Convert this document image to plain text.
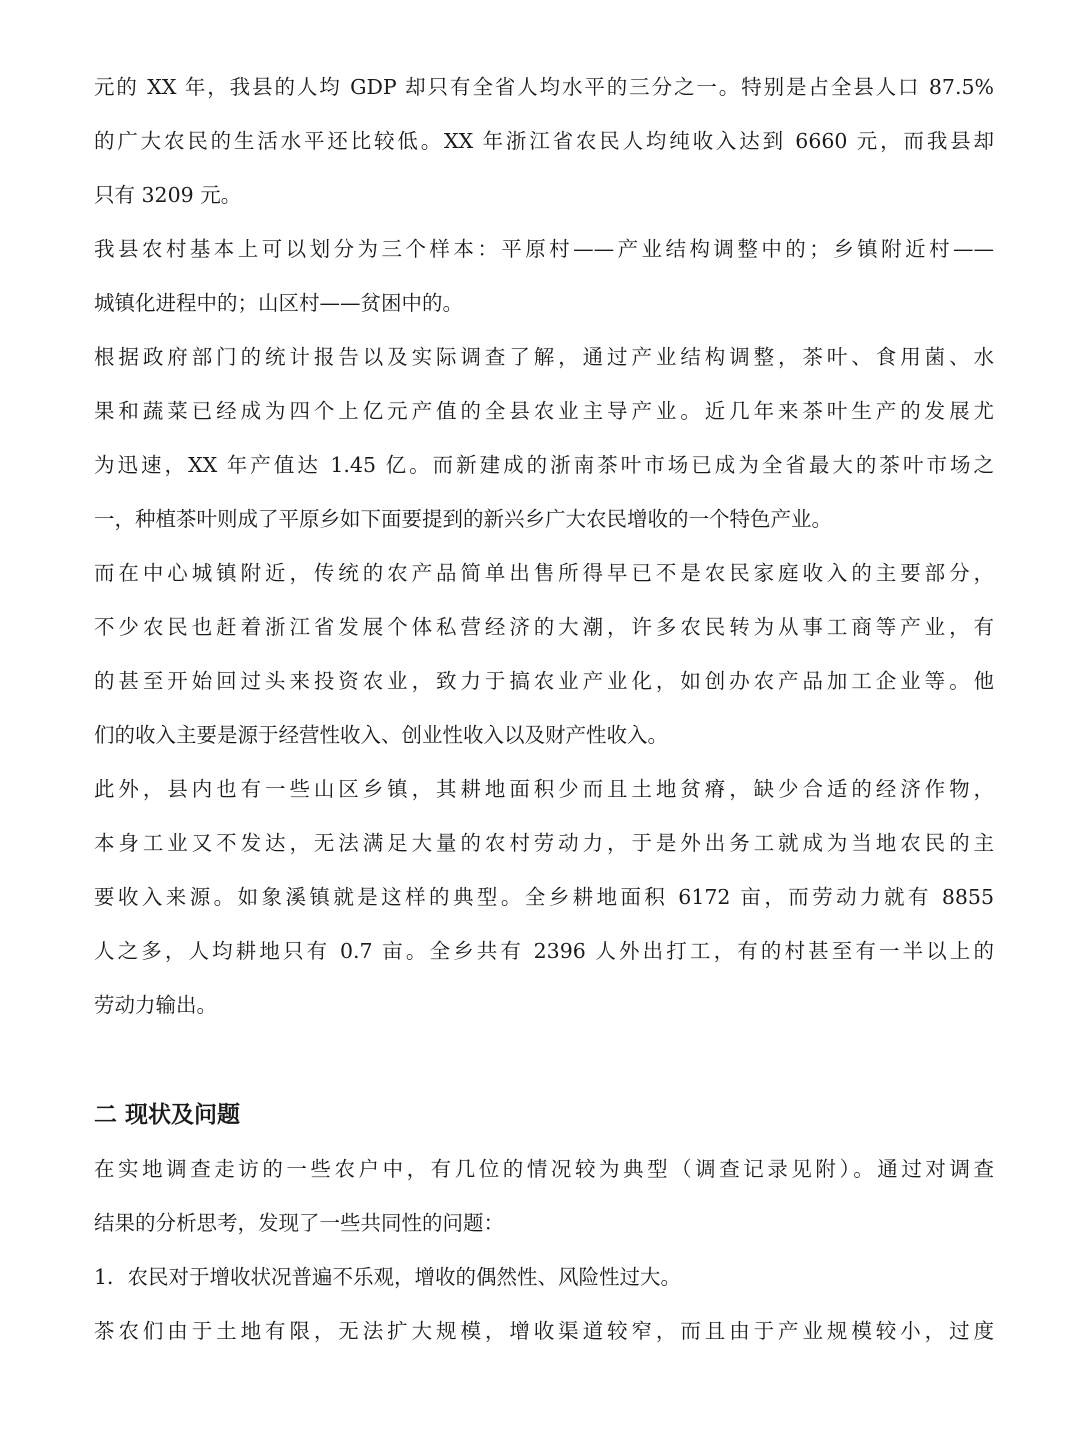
元的 XX 年，我县的人均 GDP 却只有全省人均水平的三分之一。特别是占全县人口 87.5%
的广大农民的生活水平还比较低。XX 年浙江省农民人均纯收入达到 6660 元，而我县却
只有 3209 元。
我县农村基本上可以划分为三个样本：平原村——产业结构调整中的；乡镇附近村——
城镇化进程中的；山区村——贫困中的。
根据政府部门的统计报告以及实际调查了解，通过产业结构调整，茶叶、食用菌、水
果和蔬菜已经成为四个上亿元产值的全县农业主导产业。近几年来茶叶生产的发展尤
为迅速，XX 年产值达 1.45 亿。而新建成的浙南茶叶市场已成为全省最大的茶叶市场之
一，种植茶叶则成了平原乡如下面要提到的新兴乡广大农民增收的一个特色产业。
而在中心城镇附近，传统的农产品简单出售所得早已不是农民家庭收入的主要部分，
不少农民也赶着浙江省发展个体私营经济的大潮，许多农民转为从事工商等产业，有
的甚至开始回过头来投资农业，致力于搞农业产业化，如创办农产品加工企业等。他
们的收入主要是源于经营性收入、创业性收入以及财产性收入。
此外，县内也有一些山区乡镇，其耕地面积少而且土地贫瘠，缺少合适的经济作物，
本身工业又不发达，无法满足大量的农村劳动力，于是外出务工就成为当地农民的主
要收入来源。如象溪镇就是这样的典型。全乡耕地面积 6172 亩，而劳动力就有 8855
人之多，人均耕地只有 0.7 亩。全乡共有 2396 人外出打工，有的村甚至有一半以上的
劳动力输出。
二 现状及问题
在实地调查走访的一些农户中，有几位的情况较为典型（调查记录见附）。通过对调查
结果的分析思考，发现了一些共同性的问题：
1．农民对于增收状况普遍不乐观，增收的偶然性、风险性过大。
茶农们由于土地有限，无法扩大规模，增收渠道较窄，而且由于产业规模较小，过度
